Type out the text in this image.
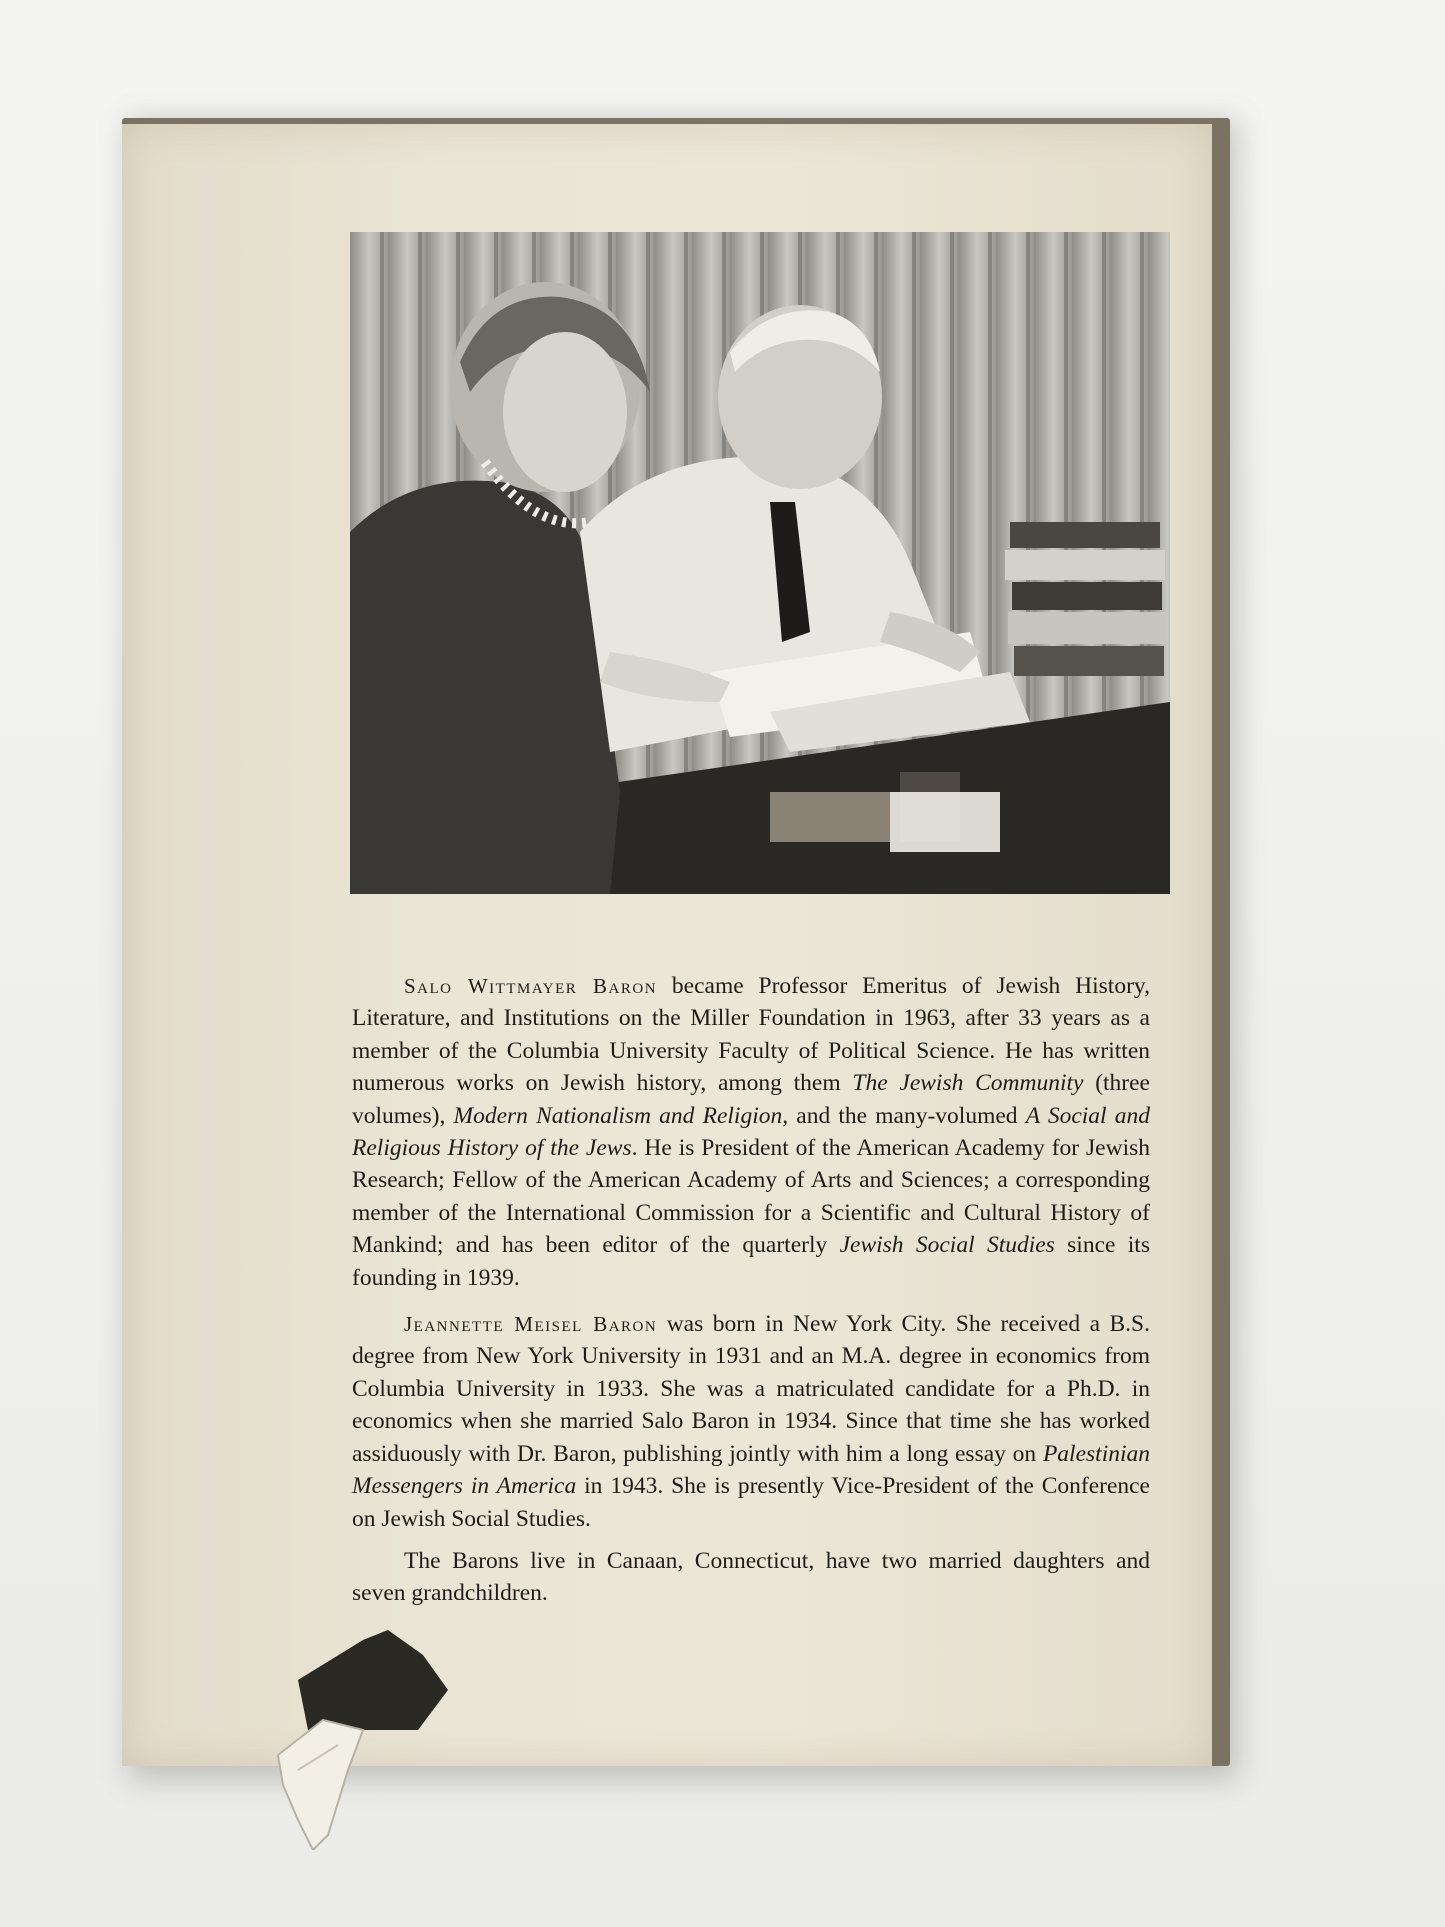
Salo Wittmayer Baron became Professor Emeritus of Jewish History, Literature, and Institutions on the Miller Foundation in 1963, after 33 years as a member of the Columbia University Faculty of Political Science. He has written numerous works on Jewish history, among them The Jewish Community (three volumes), Modern Nationalism and Religion, and the many-volumed A Social and Religious History of the Jews. He is President of the American Academy for Jewish Research; Fellow of the American Academy of Arts and Sciences; a corresponding member of the International Commission for a Scientific and Cultural History of Mankind; and has been editor of the quarterly Jewish Social Studies since its founding in 1939.

Jeannette Meisel Baron was born in New York City. She received a B.S. degree from New York University in 1931 and an M.A. degree in economics from Columbia University in 1933. She was a matriculated candidate for a Ph.D. in economics when she married Salo Baron in 1934. Since that time she has worked assiduously with Dr. Baron, publishing jointly with him a long essay on Palestinian Messengers in America in 1943. She is presently Vice-President of the Conference on Jewish Social Studies.

The Barons live in Canaan, Connecticut, have two married daughters and seven grandchildren.
